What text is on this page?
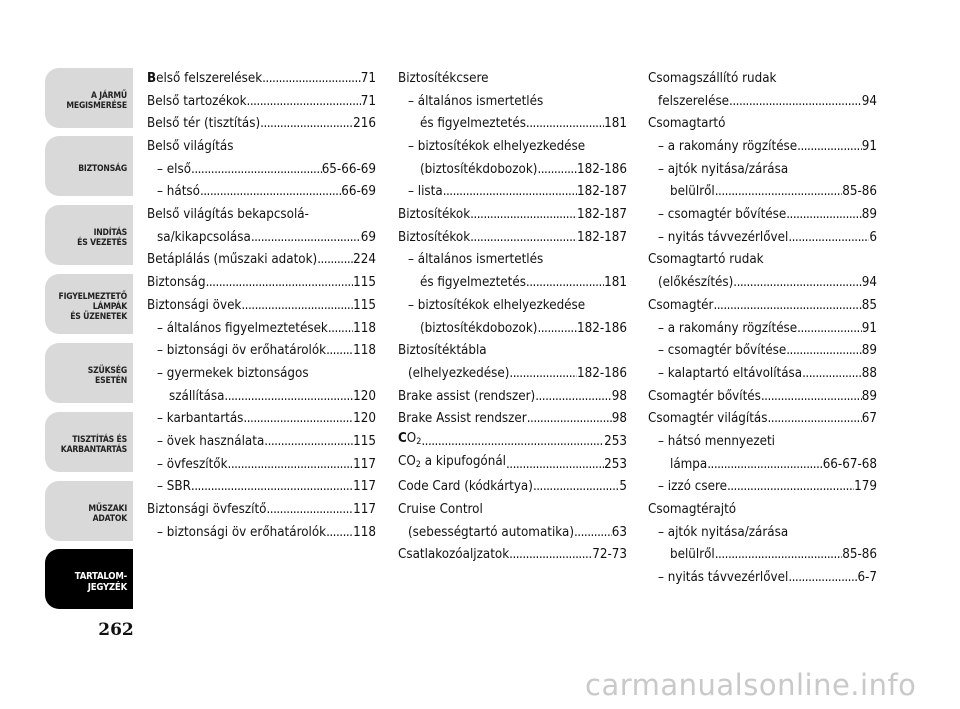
A JÁRMŰ
MEGISMERÉSE
BIZTONSÁG
INDÍTÁS
ÉS VEZETÉS
FIGYELMEZTETŐ
LÁMPÁK
ÉS ÜZENETEK
SZÜKSÉG
ESETÉN
TISZTÍTÁS ÉS
KARBANTARTÁS
MŰSZAKI
ADATOK
TARTALOM-
JEGYZÉK
262
Belső felszerelések .....	71
Belső tartozékok .....	71
Belső tér (tisztítás) .....	216
Belső világítás
– első .....	65-66-69
– hátsó .....	66-69
Belső világítás bekapcsolá-
sa/kikapcsolása .....	69
Betáplálás (műszaki adatok) .....	224
Biztonság .....	115
Biztonsági övek .....	115
– általános figyelmeztetések ..... 118
– biztonsági öv erőhatárolók ..... 118
– gyermekek biztonságos
szállítása .....	120
– karbantartás .....	120
– övek használata .....	115
– övfeszítők .....	117
– SBR .....	117
Biztonsági övfeszítő .....	117
– biztonsági öv erőhatárolók ..... 118
Biztosítékcsere
– általános ismertetlés
és figyelmeztetés .....	181
– biztosítékok elhelyezkedése
(biztosítékdobozok) .....	182-186
– lista .....	182-187
Biztosítékok .....	182-187
Biztosítékok .....	182-187
– általános ismertetlés
és figyelmeztetés .....	181
– biztosítékok elhelyezkedése
(biztosítékdobozok) .....	182-186
Biztosítéktábla
(elhelyezkedése) .....	182-186
Brake assist (rendszer) .....	98
Brake Assist rendszer .....	98
$CO_2$ .....	253
$CO_2$ a kipufogónál .....	253
Code Card (kódkártya) .....	5
Cruise Control
(sebességtartó automatika) .....	63
Csatlakozóaljzatok .....	72-73
Csomagszállító rudak
felszerelése .....	94
Csomagtartó
– a rakomány rögzítése .....	91
– ajtók nyitása/zárása
belülről .....	85-86
– csomagtér bővítése .....	89
– nyitás távvezérlővel .....	6
Csomagtartó rudak
(előkészítés) .....	94
Csomagtér .....	85
– a rakomány rögzítése .....	91
– csomagtér bővítése .....	89
– kalaptartó eltávolítása .....	88
Csomagtér bővítés .....	89
Csomagtér világítás .....	67
– hátsó mennyezeti
lámpa .....	66-67-68
– izzó csere .....	179
Csomagtérajtó
– ajtók nyitása/zárása
belülről .....	85-86
– nyitás távvezérlővel .....	6-7
carmanualsonline.info
